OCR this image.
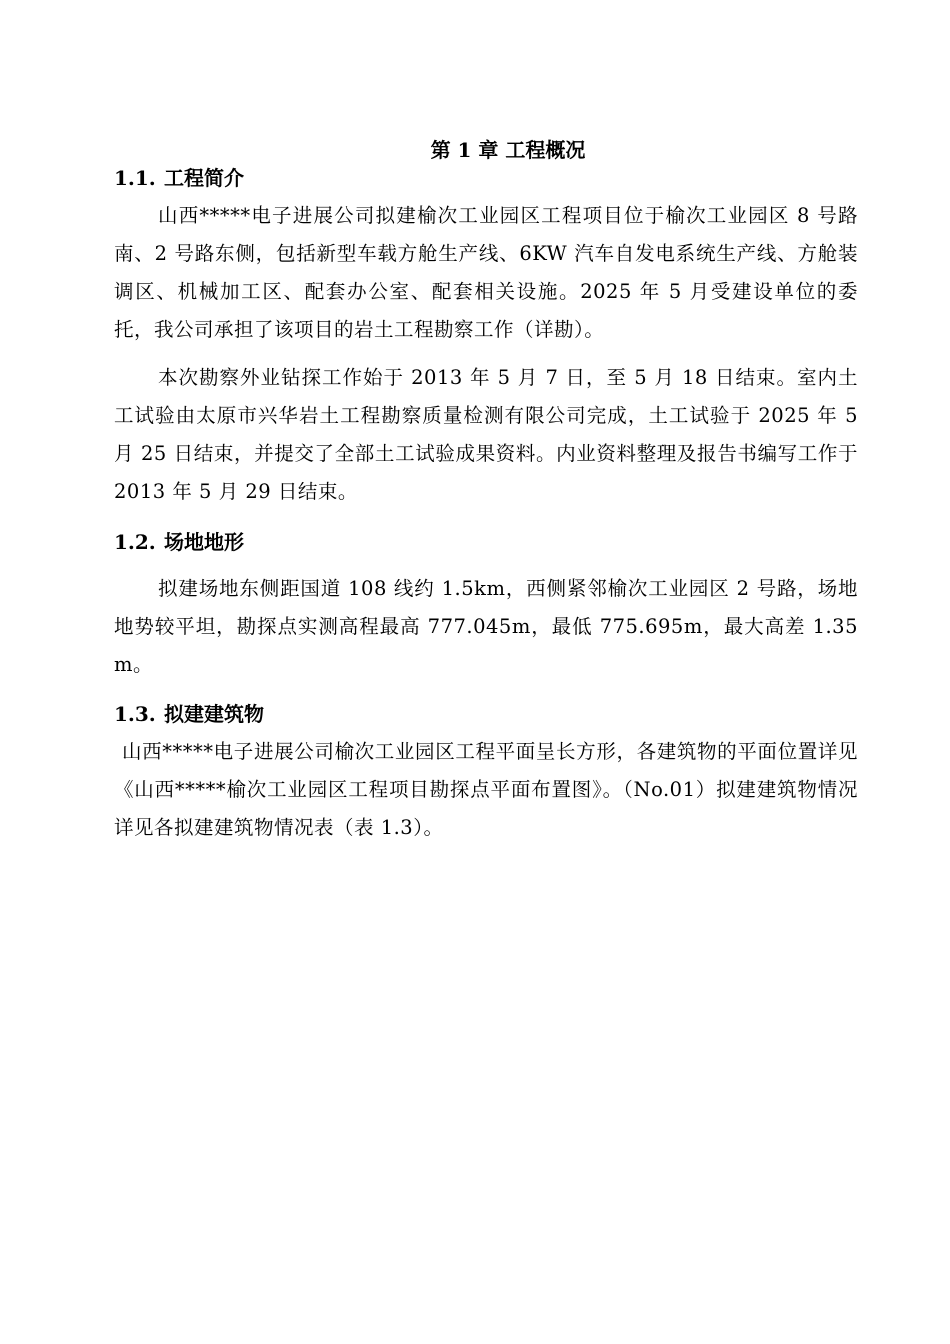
第 1 章 工程概况
1.1. 工程简介

山西*****电子进展公司拟建榆次工业园区工程项目位于榆次工业园区 8 号路南、2 号路东侧，包括新型车载方舱生产线、6KW 汽车自发电系统生产线、方舱装调区、机械加工区、配套办公室、配套相关设施。2025 年 5 月受建设单位的委托，我公司承担了该项目的岩土工程勘察工作（详勘）。

本次勘察外业钻探工作始于 2013 年 5 月 7 日，至 5 月 18 日结束。室内土工试验由太原市兴华岩土工程勘察质量检测有限公司完成，土工试验于 2025 年 5 月 25 日结束，并提交了全部土工试验成果资料。内业资料整理及报告书编写工作于 2013 年 5 月 29 日结束。

1.2. 场地地形

拟建场地东侧距国道 108 线约 1.5km，西侧紧邻榆次工业园区 2 号路，场地地势较平坦，勘探点实测高程最高 777.045m，最低 775.695m，最大高差 1.35m。

1.3. 拟建建筑物

山西*****电子进展公司榆次工业园区工程平面呈长方形，各建筑物的平面位置详见《山西*****榆次工业园区工程项目勘探点平面布置图》。（No.01）拟建建筑物情况详见各拟建建筑物情况表（表 1.3）。
